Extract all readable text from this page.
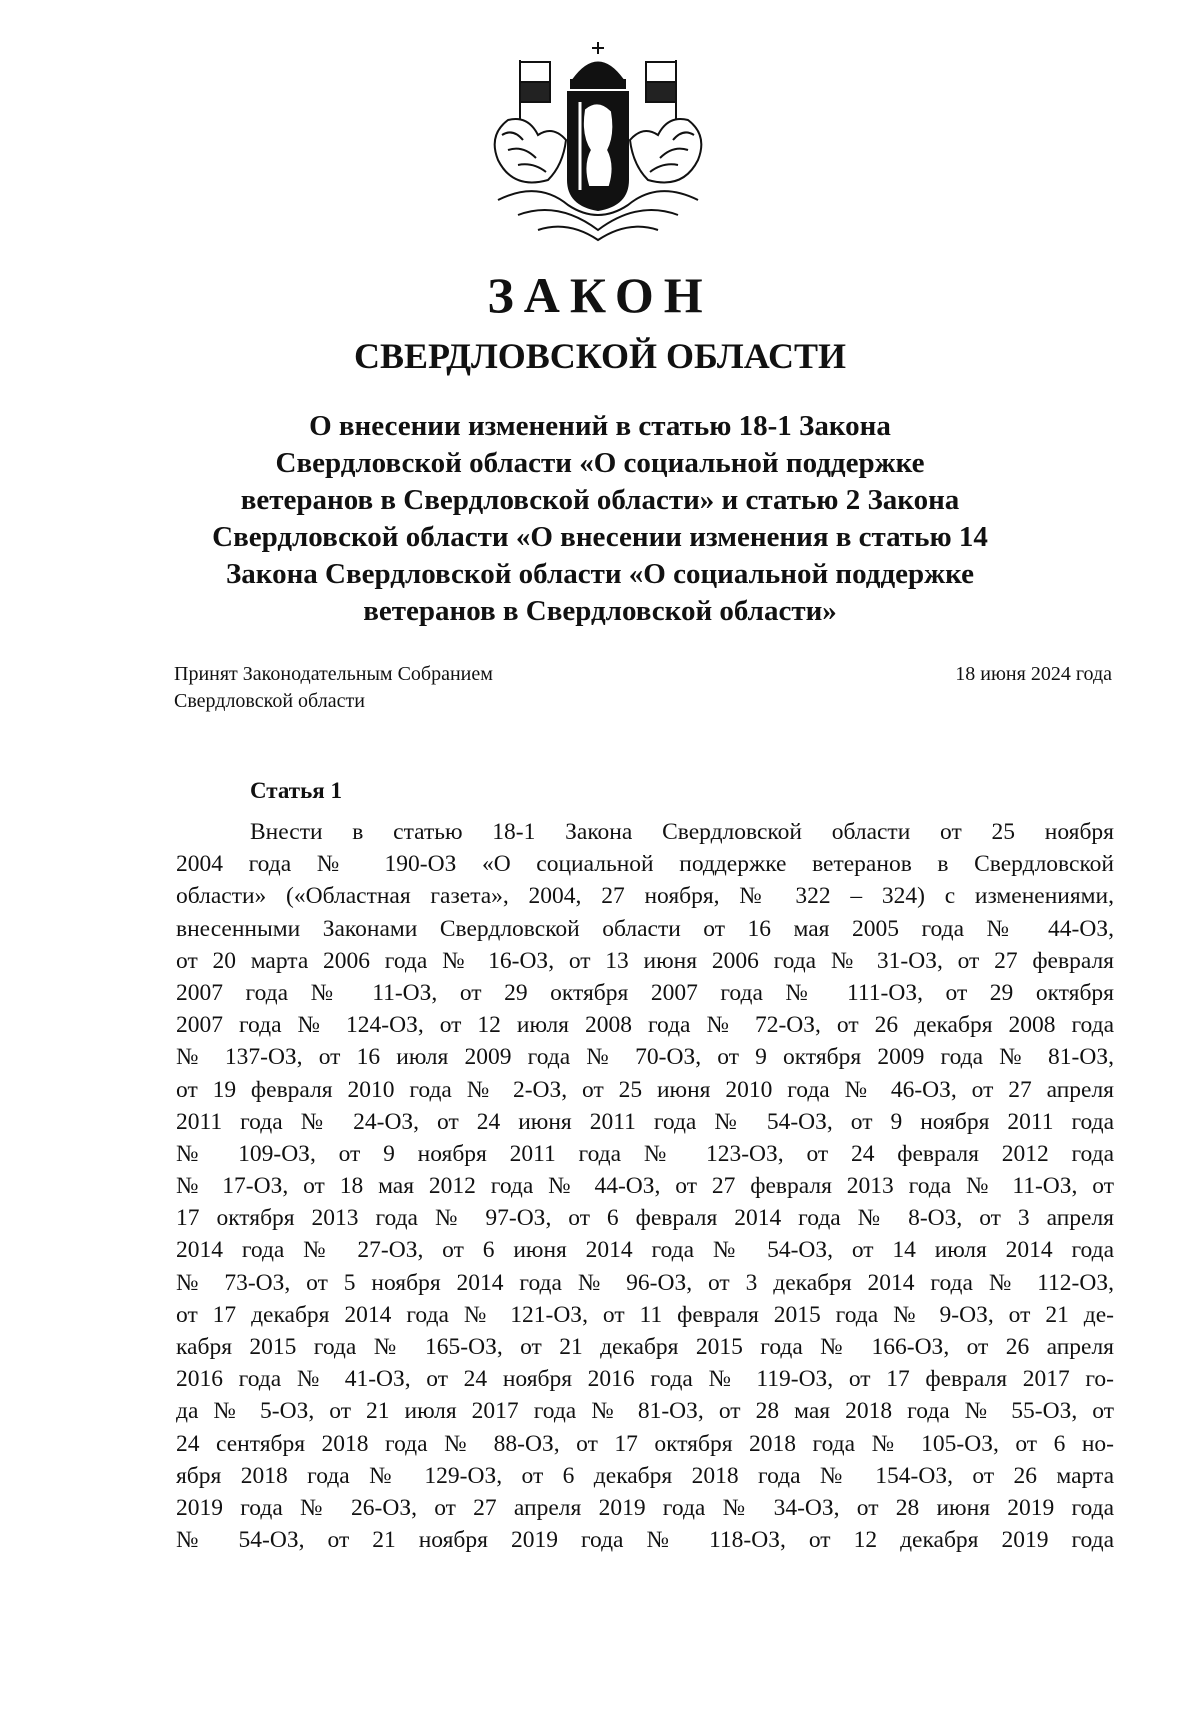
ЗАКОН
СВЕРДЛОВСКОЙ ОБЛАСТИ
О внесении изменений в статью 18-1 Закона
Свердловской области «О социальной поддержке
ветеранов в Свердловской области» и статью 2 Закона
Свердловской области «О внесении изменения в статью 14
Закона Свердловской области «О социальной поддержке
ветеранов в Свердловской области»
Принят Законодательным Собранием
Свердловской области
18 июня 2024 года
Статья 1
Внести в статью 18-1 Закона Свердловской области от 25 ноября
2004 года № 190-ОЗ «О социальной поддержке ветеранов в Свердловской
области» («Областная газета», 2004, 27 ноября, № 322 – 324) с изменениями,
внесенными Законами Свердловской области от 16 мая 2005 года № 44-ОЗ,
от 20 марта 2006 года № 16-ОЗ, от 13 июня 2006 года № 31-ОЗ, от 27 февраля
2007 года № 11-ОЗ, от 29 октября 2007 года № 111-ОЗ, от 29 октября
2007 года № 124-ОЗ, от 12 июля 2008 года № 72-ОЗ, от 26 декабря 2008 года
№ 137-ОЗ, от 16 июля 2009 года № 70-ОЗ, от 9 октября 2009 года № 81-ОЗ,
от 19 февраля 2010 года № 2-ОЗ, от 25 июня 2010 года № 46-ОЗ, от 27 апреля
2011 года № 24-ОЗ, от 24 июня 2011 года № 54-ОЗ, от 9 ноября 2011 года
№ 109-ОЗ, от 9 ноября 2011 года № 123-ОЗ, от 24 февраля 2012 года
№ 17-ОЗ, от 18 мая 2012 года № 44-ОЗ, от 27 февраля 2013 года № 11-ОЗ, от
17 октября 2013 года № 97-ОЗ, от 6 февраля 2014 года № 8-ОЗ, от 3 апреля
2014 года № 27-ОЗ, от 6 июня 2014 года № 54-ОЗ, от 14 июля 2014 года
№ 73-ОЗ, от 5 ноября 2014 года № 96-ОЗ, от 3 декабря 2014 года № 112-ОЗ,
от 17 декабря 2014 года № 121-ОЗ, от 11 февраля 2015 года № 9-ОЗ, от 21 де-
кабря 2015 года № 165-ОЗ, от 21 декабря 2015 года № 166-ОЗ, от 26 апреля
2016 года № 41-ОЗ, от 24 ноября 2016 года № 119-ОЗ, от 17 февраля 2017 го-
да № 5-ОЗ, от 21 июля 2017 года № 81-ОЗ, от 28 мая 2018 года № 55-ОЗ, от
24 сентября 2018 года № 88-ОЗ, от 17 октября 2018 года № 105-ОЗ, от 6 но-
ября 2018 года № 129-ОЗ, от 6 декабря 2018 года № 154-ОЗ, от 26 марта
2019 года № 26-ОЗ, от 27 апреля 2019 года № 34-ОЗ, от 28 июня 2019 года
№ 54-ОЗ, от 21 ноября 2019 года № 118-ОЗ, от 12 декабря 2019 года
